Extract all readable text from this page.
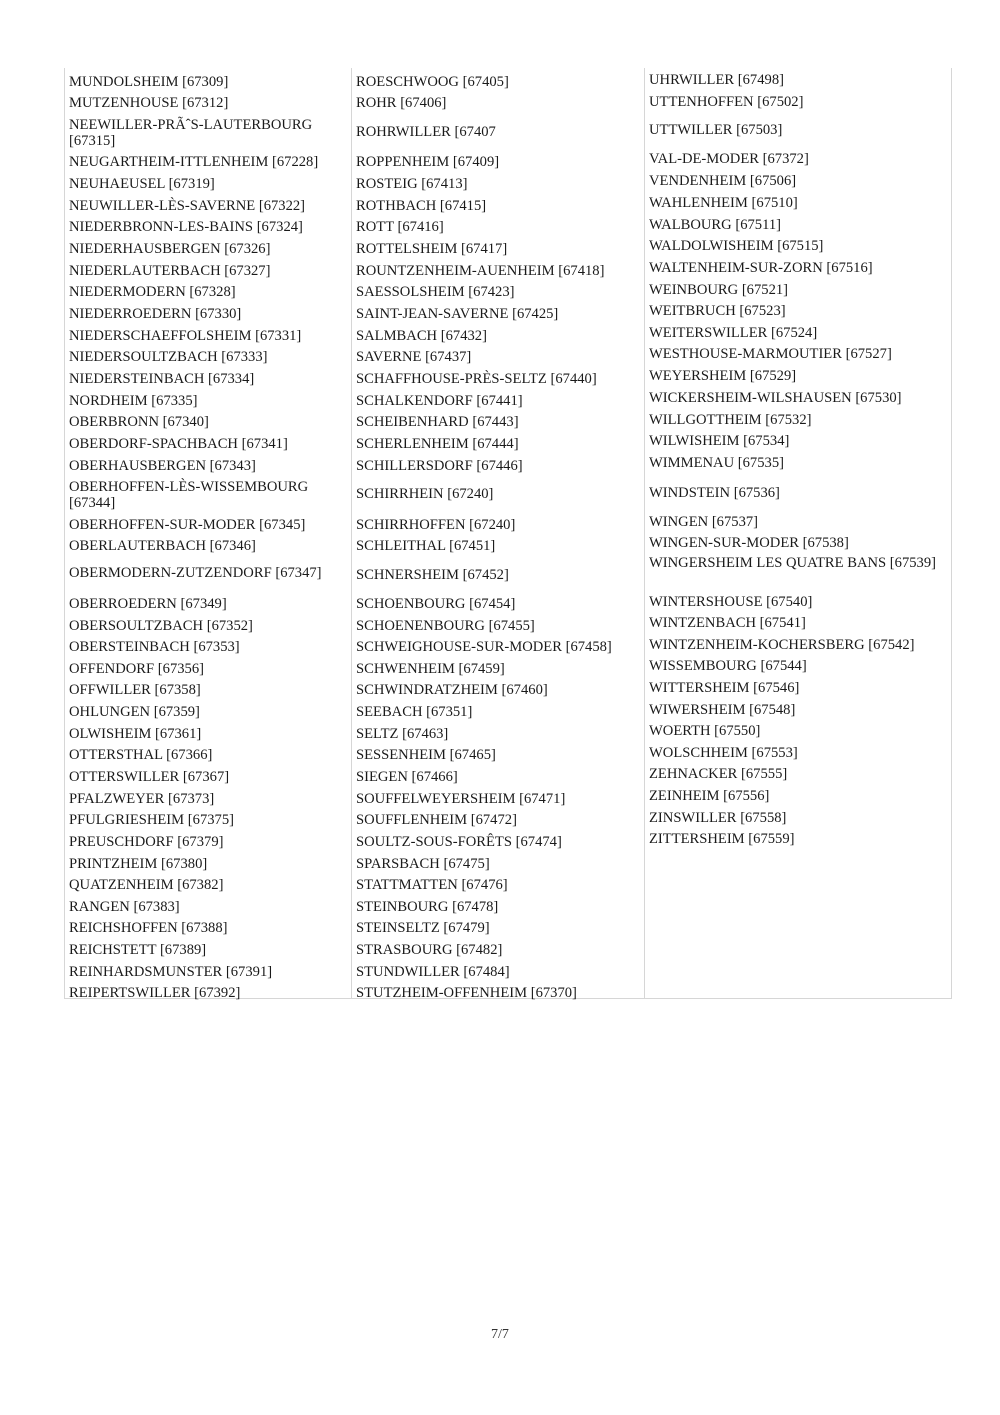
MUNDOLSHEIM [67309]
MUTZENHOUSE [67312]
NEEWILLER-PRÃˆS-LAUTERBOURG [67315]
NEUGARTHEIM-ITTLENHEIM [67228]
NEUHAEUSEL [67319]
NEUWILLER-LÈS-SAVERNE [67322]
NIEDERBRONN-LES-BAINS [67324]
NIEDERHAUSBERGEN [67326]
NIEDERLAUTERBACH [67327]
NIEDERMODERN [67328]
NIEDERROEDERN [67330]
NIEDERSCHAEFFOLSHEIM [67331]
NIEDERSOULTZBACH [67333]
NIEDERSTEINBACH [67334]
NORDHEIM [67335]
OBERBRONN [67340]
OBERDORF-SPACHBACH [67341]
OBERHAUSBERGEN [67343]
OBERHOFFEN-LÈS-WISSEMBOURG [67344]
OBERHOFFEN-SUR-MODER [67345]
OBERLAUTERBACH [67346]
OBERMODERN-ZUTZENDORF [67347]
OBERROEDERN [67349]
OBERSOULTZBACH [67352]
OBERSTEINBACH [67353]
OFFENDORF [67356]
OFFWILLER [67358]
OHLUNGEN [67359]
OLWISHEIM [67361]
OTTERSTHAL [67366]
OTTERSWILLER [67367]
PFALZWEYER [67373]
PFULGRIESHEIM [67375]
PREUSCHDORF [67379]
PRINTZHEIM [67380]
QUATZENHEIM [67382]
RANGEN [67383]
REICHSHOFFEN [67388]
REICHSTETT [67389]
REINHARDSMUNSTER [67391]
REIPERTSWILLER [67392]
ROESCHWOOG [67405]
ROHR [67406]
ROHRWILLER [67407
ROPPENHEIM [67409]
ROSTEIG [67413]
ROTHBACH [67415]
ROTT [67416]
ROTTELSHEIM [67417]
ROUNTZENHEIM-AUENHEIM [67418]
SAESSOLSHEIM [67423]
SAINT-JEAN-SAVERNE [67425]
SALMBACH [67432]
SAVERNE [67437]
SCHAFFHOUSE-PRÈS-SELTZ [67440]
SCHALKENDORF [67441]
SCHEIBENHARD [67443]
SCHERLENHEIM [67444]
SCHILLERSDORF [67446]
SCHIRRHEIN [67240]
SCHIRRHOFFEN [67240]
SCHLEITHAL [67451]
SCHNERSHEIM [67452]
SCHOENBOURG [67454]
SCHOENENBOURG [67455]
SCHWEIGHOUSE-SUR-MODER [67458]
SCHWENHEIM [67459]
SCHWINDRATZHEIM [67460]
SEEBACH [67351]
SELTZ [67463]
SESSENHEIM [67465]
SIEGEN [67466]
SOUFFELWEYERSHEIM [67471]
SOUFFLENHEIM [67472]
SOULTZ-SOUS-FORÊTS [67474]
SPARSBACH [67475]
STATTMATTEN [67476]
STEINBOURG [67478]
STEINSELTZ [67479]
STRASBOURG [67482]
STUNDWILLER [67484]
STUTZHEIM-OFFENHEIM [67370]
UHRWILLER [67498]
UTTENHOFFEN [67502]
UTTWILLER [67503]
VAL-DE-MODER [67372]
VENDENHEIM [67506]
WAHLENHEIM [67510]
WALBOURG [67511]
WALDOLWISHEIM [67515]
WALTENHEIM-SUR-ZORN [67516]
WEINBOURG [67521]
WEITBRUCH [67523]
WEITERSWILLER [67524]
WESTHOUSE-MARMOUTIER [67527]
WEYERSHEIM [67529]
WICKERSHEIM-WILSHAUSEN [67530]
WILLGOTTHEIM [67532]
WILWISHEIM [67534]
WIMMENAU [67535]
WINDSTEIN [67536]
WINGEN [67537]
WINGEN-SUR-MODER [67538]
WINGERSHEIM LES QUATRE BANS [67539]
WINTERSHOUSE [67540]
WINTZENBACH [67541]
WINTZENHEIM-KOCHERSBERG [67542]
WISSEMBOURG [67544]
WITTERSHEIM [67546]
WIWERSHEIM [67548]
WOERTH [67550]
WOLSCHHEIM [67553]
ZEHNACKER [67555]
ZEINHEIM [67556]
ZINSWILLER [67558]
ZITTERSHEIM [67559]
7/7
